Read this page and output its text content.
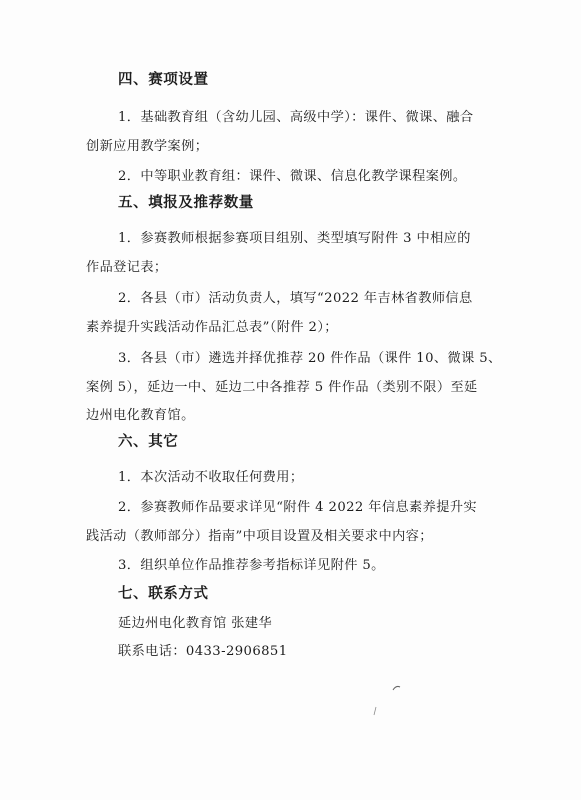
四、赛项设置
1．基础教育组（含幼儿园、高级中学）：课件、微课、融合
创新应用教学案例；
2．中等职业教育组：课件、微课、信息化教学课程案例。
五、填报及推荐数量
1．参赛教师根据参赛项目组别、类型填写附件 3 中相应的
作品登记表；
2．各县（市）活动负责人，填写“2022 年吉林省教师信息
素养提升实践活动作品汇总表”（附件 2）；
3．各县（市）遴选并择优推荐 20 件作品（课件 10、微课 5、
案例 5），延边一中、延边二中各推荐 5 件作品（类别不限）至延
边州电化教育馆。
六、其它
1．本次活动不收取任何费用；
2．参赛教师作品要求详见“附件 4 2022 年信息素养提升实
践活动（教师部分）指南”中项目设置及相关要求中内容；
3．组织单位作品推荐参考指标详见附件 5。
七、联系方式
延边州电化教育馆 张建华
联系电话：0433-2906851
